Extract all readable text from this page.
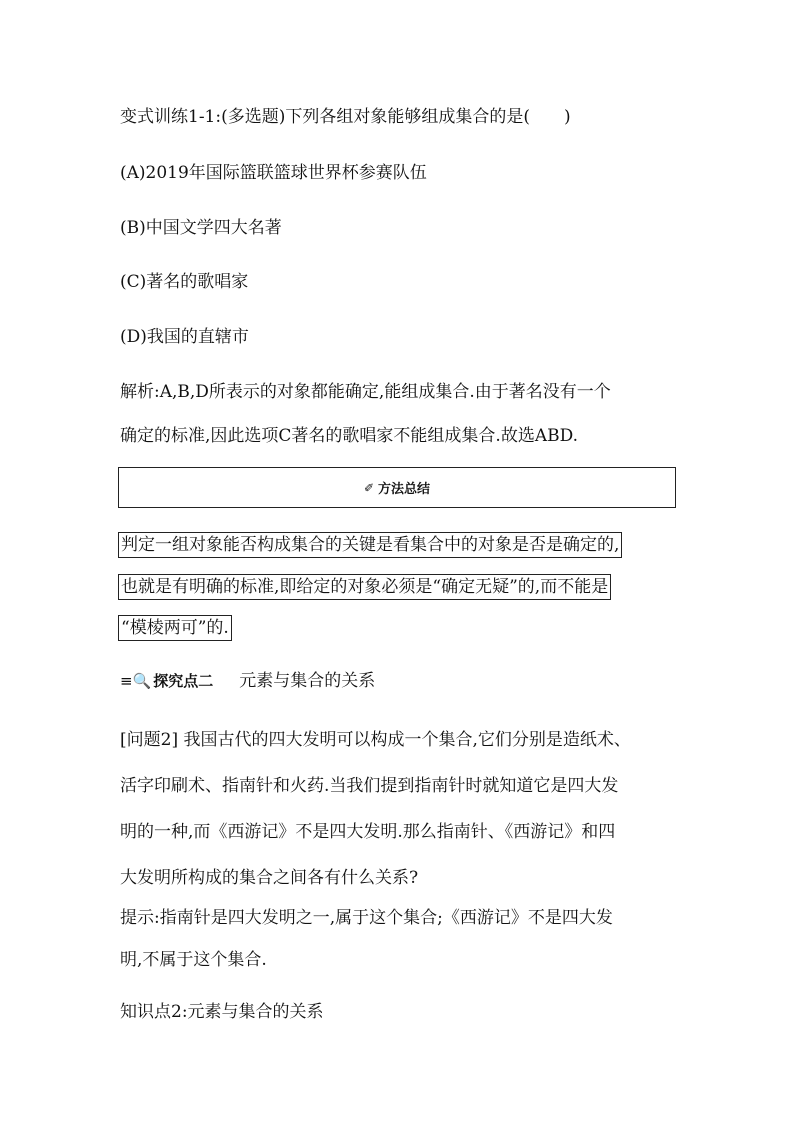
变式训练1-1:(多选题)下列各组对象能够组成集合的是(　　)
(A)2019年国际篮联篮球世界杯参赛队伍
(B)中国文学四大名著
(C)著名的歌唱家
(D)我国的直辖市
解析:A,B,D所表示的对象都能确定,能组成集合.由于著名没有一个
确定的标准,因此选项C著名的歌唱家不能组成集合.故选ABD.
✐ 方法总结
判定一组对象能否构成集合的关键是看集合中的对象是否是确定的,
也就是有明确的标准,即给定的对象必须是“确定无疑”的,而不能是
“模棱两可”的.
≡🔍 探究点二 元素与集合的关系
[问题2] 我国古代的四大发明可以构成一个集合,它们分别是造纸术、
活字印刷术、指南针和火药.当我们提到指南针时就知道它是四大发
明的一种,而《西游记》不是四大发明.那么指南针、《西游记》和四
大发明所构成的集合之间各有什么关系?
提示:指南针是四大发明之一,属于这个集合;《西游记》不是四大发
明,不属于这个集合.
知识点2:元素与集合的关系
